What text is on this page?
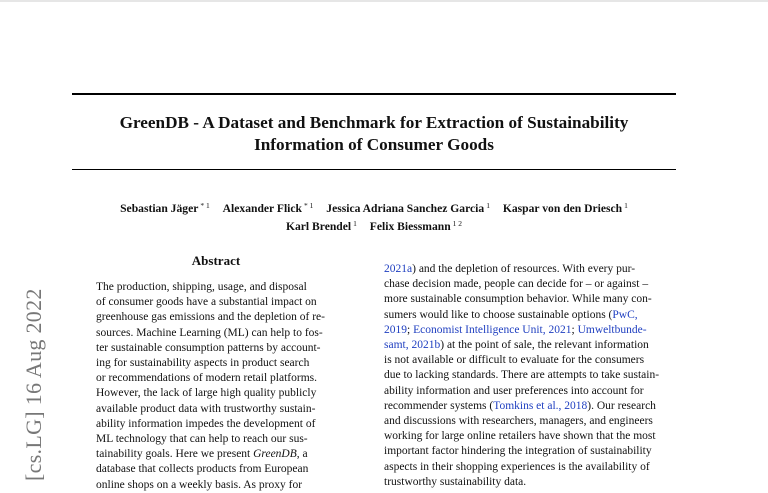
GreenDB - A Dataset and Benchmark for Extraction of Sustainability
Information of Consumer Goods
Sebastian Jäger $^{* 1}$ Alexander Flick $^{* 1}$ Jessica Adriana Sanchez Garcia $^1$ Kaspar von den Driesch $^1$
Karl Brendel $^1$ Felix Biessmann $^{1 2}$
[cs.LG] 16 Aug 2022
Abstract
The production, shipping, usage, and disposal
of consumer goods have a substantial impact on
greenhouse gas emissions and the depletion of re-
sources. Machine Learning (ML) can help to fos-
ter sustainable consumption patterns by account-
ing for sustainability aspects in product search
or recommendations of modern retail platforms.
However, the lack of large high quality publicly
available product data with trustworthy sustain-
ability information impedes the development of
ML technology that can help to reach our sus-
tainability goals. Here we present GreenDB, a
database that collects products from European
online shops on a weekly basis. As proxy for
2021a) and the depletion of resources. With every pur-
chase decision made, people can decide for – or against –
more sustainable consumption behavior. While many con-
sumers would like to choose sustainable options (PwC,
2019; Economist Intelligence Unit, 2021; Umweltbunde-
samt, 2021b) at the point of sale, the relevant information
is not available or difficult to evaluate for the consumers
due to lacking standards. There are attempts to take sustain-
ability information and user preferences into account for
recommender systems (Tomkins et al., 2018). Our research
and discussions with researchers, managers, and engineers
working for large online retailers have shown that the most
important factor hindering the integration of sustainability
aspects in their shopping experiences is the availability of
trustworthy sustainability data.
